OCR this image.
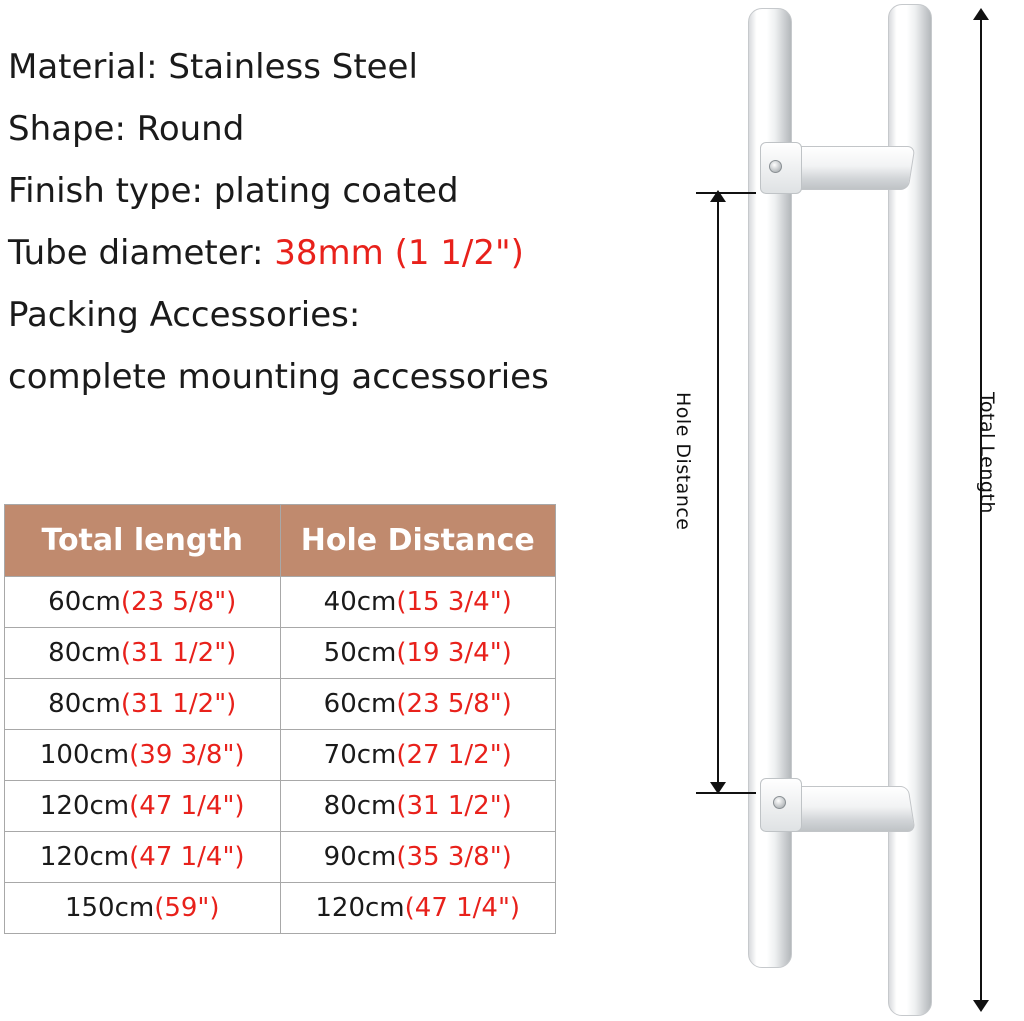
Material: Stainless Steel
Shape: Round
Finish type: plating coated
Tube diameter: 38mm (1 1/2")
Packing Accessories:
complete mounting accessories
Total length	Hole Distance
60cm(23 5/8")	40cm(15 3/4")
80cm(31 1/2")	50cm(19 3/4")
80cm(31 1/2")	60cm(23 5/8")
100cm(39 3/8")	70cm(27 1/2")
120cm(47 1/4")	80cm(31 1/2")
120cm(47 1/4")	90cm(35 3/8")
150cm(59")	120cm(47 1/4")
Hole Distance	Total Length
